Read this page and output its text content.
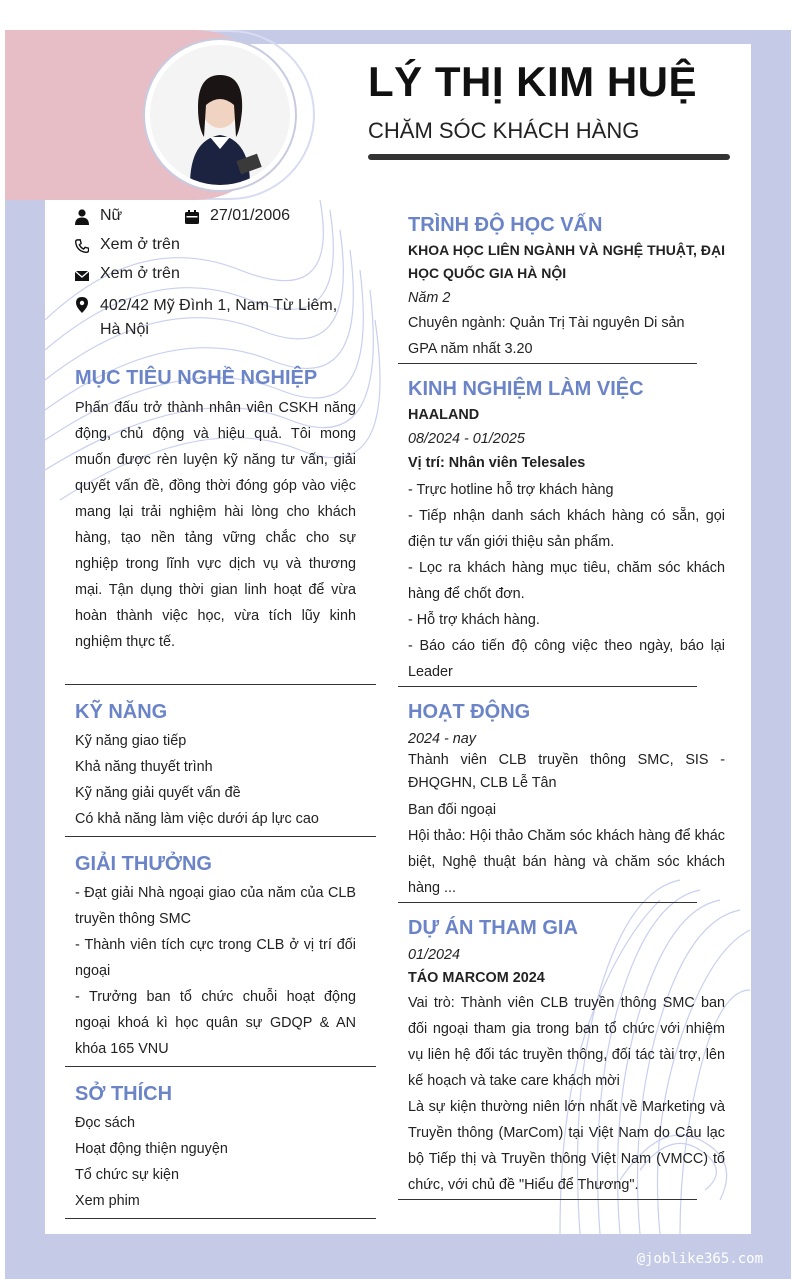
LÝ THỊ KIM HUỆ
CHĂM SÓC KHÁCH HÀNG
Nữ	27/01/2006
Xem ở trên
Xem ở trên
402/42 Mỹ Đình 1, Nam Từ Liêm,
Hà Nội
MỤC TIÊU NGHỀ NGHIỆP
Phấn đấu trở thành nhân viên CSKH năng động, chủ động và hiệu quả. Tôi mong muốn được rèn luyện kỹ năng tư vấn, giải quyết vấn đề, đồng thời đóng góp vào việc mang lại trải nghiệm hài lòng cho khách hàng, tạo nền tảng vững chắc cho sự nghiệp trong lĩnh vực dịch vụ và thương mại. Tận dụng thời gian linh hoạt để vừa hoàn thành việc học, vừa tích lũy kinh nghiệm thực tế.
KỸ NĂNG
Kỹ năng giao tiếp
Khả năng thuyết trình
Kỹ năng giải quyết vấn đề
Có khả năng làm việc dưới áp lực cao
GIẢI THƯỞNG
- Đạt giải Nhà ngoại giao của năm của CLB truyền thông SMC
- Thành viên tích cực trong CLB ở vị trí đối ngoại
- Trưởng ban tổ chức chuỗi hoạt động ngoại khoá kì học quân sự GDQP & AN khóa 165 VNU
SỞ THÍCH
Đọc sách
Hoạt động thiện nguyện
Tổ chức sự kiện
Xem phim
TRÌNH ĐỘ HỌC VẤN
KHOA HỌC LIÊN NGÀNH VÀ NGHỆ THUẬT, ĐẠI HỌC QUỐC GIA HÀ NỘI
Năm 2
Chuyên ngành: Quản Trị Tài nguyên Di sản
GPA năm nhất 3.20
KINH NGHIỆM LÀM VIỆC
HAALAND
08/2024 - 01/2025
Vị trí: Nhân viên Telesales
- Trực hotline hỗ trợ khách hàng
- Tiếp nhận danh sách khách hàng có sẵn, gọi điện tư vấn giới thiệu sản phẩm.
- Lọc ra khách hàng mục tiêu, chăm sóc khách hàng để chốt đơn.
- Hỗ trợ khách hàng.
- Báo cáo tiến độ công việc theo ngày, báo lại Leader
HOẠT ĐỘNG
2024 - nay
Thành viên CLB truyền thông SMC, SIS - ĐHQGHN, CLB Lễ Tân
Ban đối ngoại
Hội thảo: Hội thảo Chăm sóc khách hàng để khác biệt, Nghệ thuật bán hàng và chăm sóc khách hàng ...
DỰ ÁN THAM GIA
01/2024
TÁO MARCOM 2024
Vai trò: Thành viên CLB truyền thông SMC ban đối ngoại tham gia trong ban tổ chức với nhiệm vụ liên hệ đối tác truyền thông, đối tác tài trợ, lên kế hoạch và take care khách mời
Là sự kiện thường niên lớn nhất về Marketing và Truyền thông (MarCom) tại Việt Nam do Câu lạc bộ Tiếp thị và Truyền thông Việt Nam (VMCC) tổ chức, với chủ đề "Hiểu để Thương".
@joblike365.com
